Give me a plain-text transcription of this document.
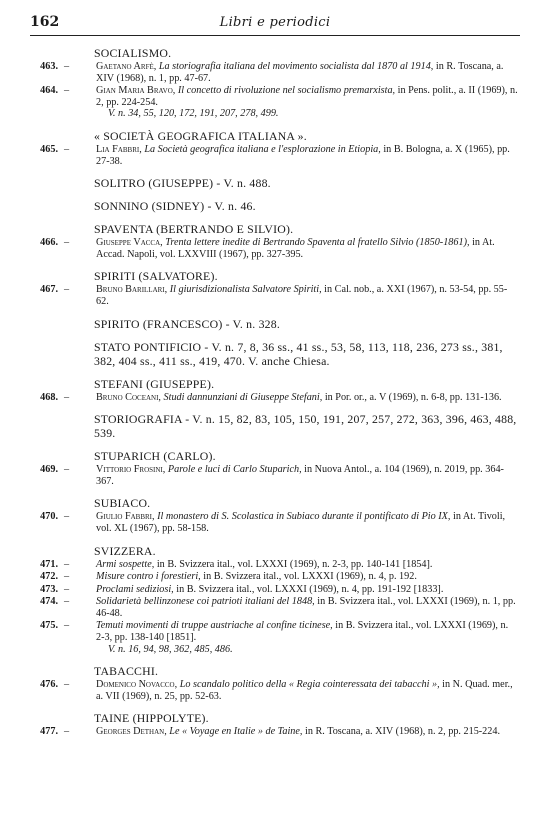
162	Libri e periodici
SOCIALISMO.
463. –	Gaetano Arfè, La storiografia italiana del movimento socialista dal 1870 al 1914, in R. Toscana, a. XIV (1968), n. 1, pp. 47-67.
464. –	Gian Maria Bravo, Il concetto di rivoluzione nel socialismo premarxista, in Pens. polit., a. II (1969), n. 2, pp. 224-254.
V. n. 34, 55, 120, 172, 191, 207, 278, 499.
« SOCIETÀ GEOGRAFICA ITALIANA ».
465. –	Lia Fabbri, La Società geografica italiana e l'esplorazione in Etiopia, in B. Bologna, a. X (1965), pp. 27-38.
SOLITRO (GIUSEPPE) - V. n. 488.
SONNINO (SIDNEY) - V. n. 46.
SPAVENTA (BERTRANDO E SILVIO).
466. –	Giuseppe Vacca, Trenta lettere inedite di Bertrando Spaventa al fratello Silvio (1850-1861), in At. Accad. Napoli, vol. LXXVIII (1967), pp. 327-395.
SPIRITI (SALVATORE).
467. –	Bruno Barillari, Il giurisdizionalista Salvatore Spiriti, in Cal. nob., a. XXI (1967), n. 53-54, pp. 55-62.
SPIRITO (FRANCESCO) - V. n. 328.
STATO PONTIFICIO - V. n. 7, 8, 36 ss., 41 ss., 53, 58, 113, 118, 236, 273 ss., 381, 382, 404 ss., 411 ss., 419, 470. V. anche Chiesa.
STEFANI (GIUSEPPE).
468. –	Bruno Coceani, Studi dannunziani di Giuseppe Stefani, in Por. or., a. V (1969), n. 6-8, pp. 131-136.
STORIOGRAFIA - V. n. 15, 82, 83, 105, 150, 191, 207, 257, 272, 363, 396, 463, 488, 539.
STUPARICH (CARLO).
469. –	Vittorio Frosini, Parole e luci di Carlo Stuparich, in Nuova Antol., a. 104 (1969), n. 2019, pp. 364-367.
SUBIACO.
470. –	Giulio Fabbri, Il monastero di S. Scolastica in Subiaco durante il pontificato di Pio IX, in At. Tivoli, vol. XL (1967), pp. 58-158.
SVIZZERA.
471. –	Armi sospette, in B. Svizzera ital., vol. LXXXI (1969), n. 2-3, pp. 140-141 [1854].
472. –	Misure contro i forestieri, in B. Svizzera ital., vol. LXXXI (1969), n. 4, p. 192.
473. –	Proclami sediziosi, in B. Svizzera ital., vol. LXXXI (1969), n. 4, pp. 191-192 [1833].
474. –	Solidarietà bellinzonese coi patrioti italiani del 1848, in B. Svizzera ital., vol. LXXXI (1969), n. 1, pp. 46-48.
475. –	Temuti movimenti di truppe austriache al confine ticinese, in B. Svizzera ital., vol. LXXXI (1969), n. 2-3, pp. 138-140 [1851].
V. n. 16, 94, 98, 362, 485, 486.
TABACCHI.
476. –	Domenico Novacco, Lo scandalo politico della « Regia cointeressata dei tabacchi », in N. Quad. mer., a. VII (1969), n. 25, pp. 52-63.
TAINE (HIPPOLYTE).
477. –	Georges Dethan, Le « Voyage en Italie » de Taine, in R. Toscana, a. XIV (1968), n. 2, pp. 215-224.
